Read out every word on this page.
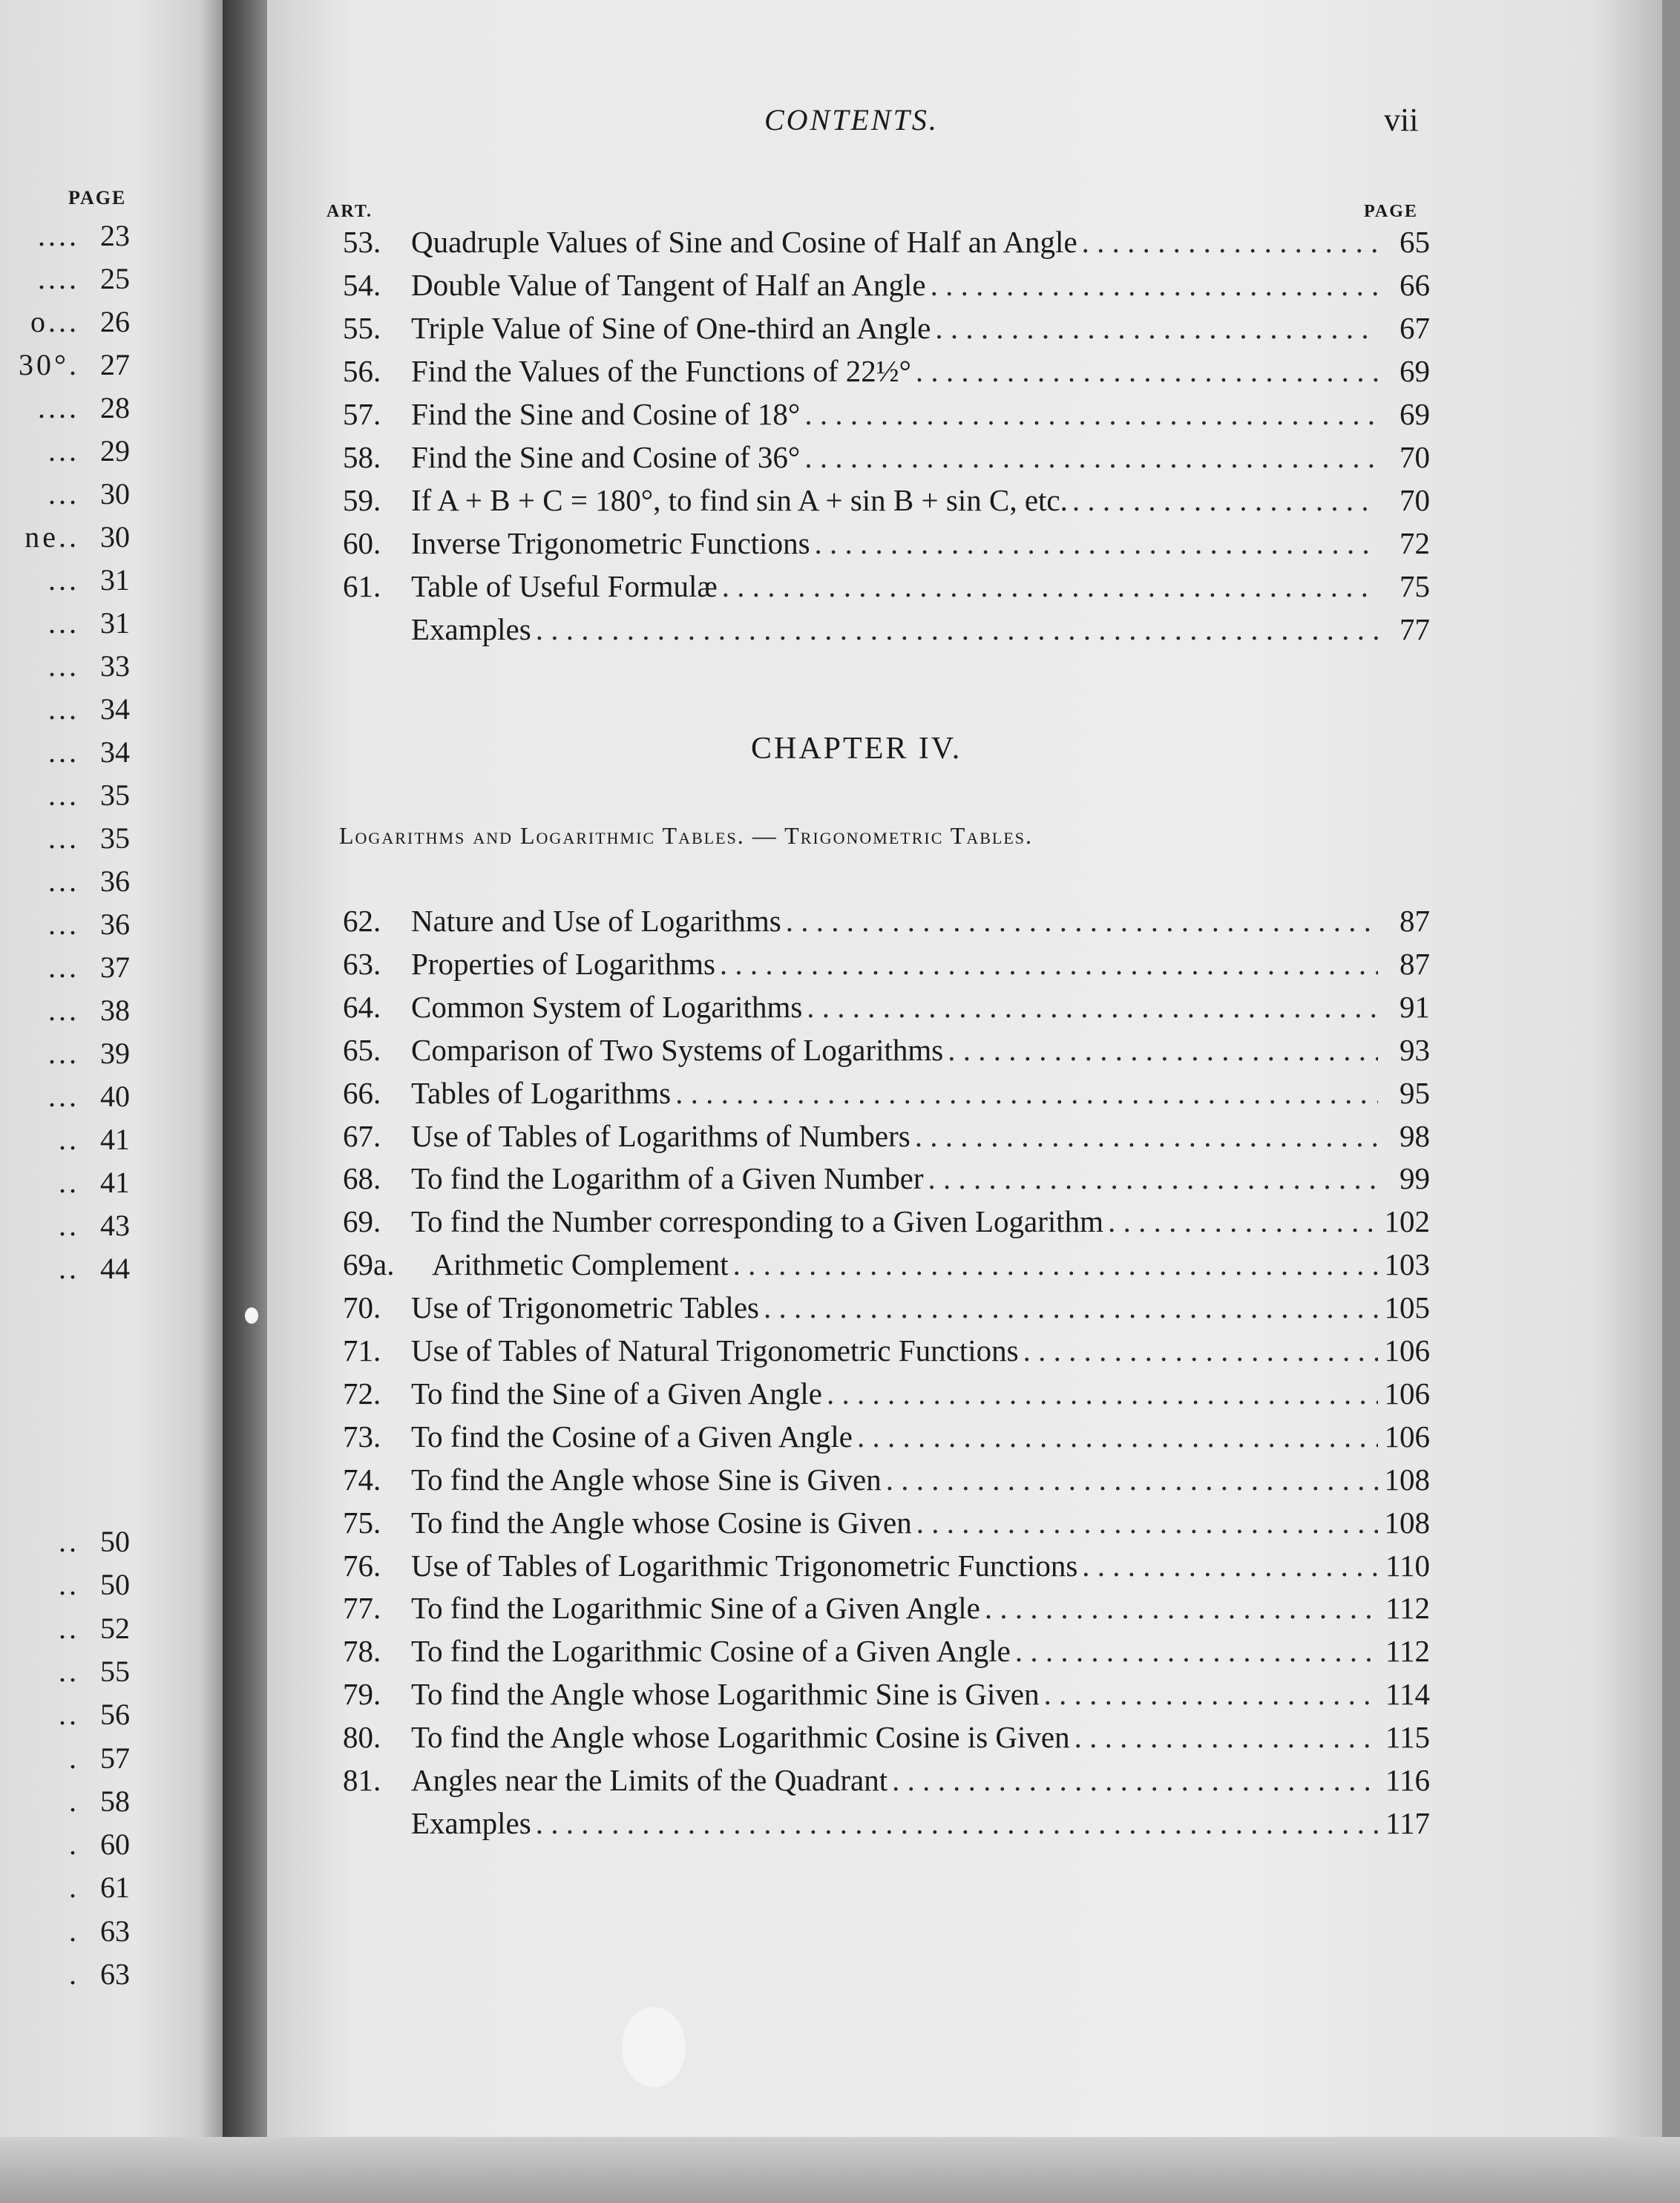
PAGE
.... 23
.... 25
o... 26
30°. 27
.... 28
... 29
... 30
ne.. 30
... 31
... 31
... 33
... 34
... 34
... 35
... 35
... 36
... 36
... 37
... 38
... 39
... 40
.. 41
.. 41
.. 43
.. 44
.. 50
.. 50
.. 52
.. 55
.. 56
. 57
. 58
. 60
. 61
. 63
. 63
CONTENTS.	vii
ART.	PAGE
53. Quadruple Values of Sine and Cosine of Half an Angle . . .	65
54. Double Value of Tangent of Half an Angle . . .	66
55. Triple Value of Sine of One-third an Angle . . .	67
56. Find the Values of the Functions of 22½° . . .	69
57. Find the Sine and Cosine of 18° . . .	69
58. Find the Sine and Cosine of 36° . . .	70
59. If A + B + C = 180°, to find sin A + sin B + sin C, etc. . . .	70
60. Inverse Trigonometric Functions . . .	72
61. Table of Useful Formulæ . . .	75
Examples . . .	77
CHAPTER IV.
Logarithms and Logarithmic Tables. — Trigonometric Tables.
62. Nature and Use of Logarithms . . .	87
63. Properties of Logarithms . . .	87
64. Common System of Logarithms . . .	91
65. Comparison of Two Systems of Logarithms . . .	93
66. Tables of Logarithms . . .	95
67. Use of Tables of Logarithms of Numbers . . .	98
68. To find the Logarithm of a Given Number . . .	99
69. To find the Number corresponding to a Given Logarithm . . .	102
69a.	Arithmetic Complement . . .	103
70. Use of Trigonometric Tables . . .	105
71. Use of Tables of Natural Trigonometric Functions . . .	106
72. To find the Sine of a Given Angle . . .	106
73. To find the Cosine of a Given Angle . . .	106
74. To find the Angle whose Sine is Given . . .	108
75. To find the Angle whose Cosine is Given . . .	108
76. Use of Tables of Logarithmic Trigonometric Functions . . .	110
77. To find the Logarithmic Sine of a Given Angle . . .	112
78. To find the Logarithmic Cosine of a Given Angle . . .	112
79. To find the Angle whose Logarithmic Sine is Given . . .	114
80. To find the Angle whose Logarithmic Cosine is Given . . .	115
81. Angles near the Limits of the Quadrant . . .	116
Examples . . .	117
